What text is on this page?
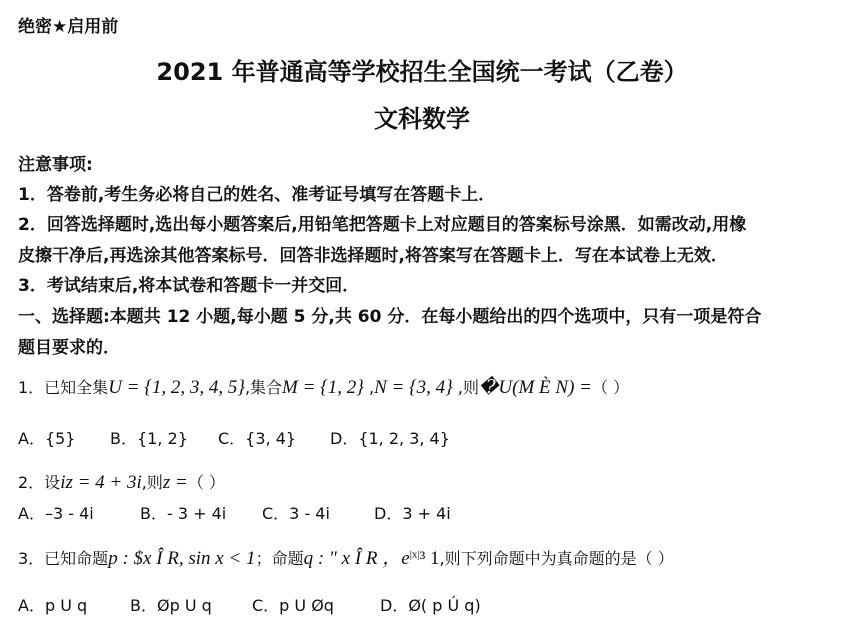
绝密★启用前
2021 年普通高等学校招生全国统一考试（乙卷）
文科数学
注意事项:
1．答卷前,考生务必将自己的姓名、准考证号填写在答题卡上．
2．回答选择题时,选出每小题答案后,用铅笔把答题卡上对应题目的答案标号涂黑．如需改动,用橡
皮擦干净后,再选涂其他答案标号．回答非选择题时,将答案写在答题卡上．写在本试卷上无效．
3．考试结束后,将本试卷和答题卡一并交回．
一、选择题:本题共 12 小题,每小题 5 分,共 60 分．在每小题给出的四个选项中，只有一项是符合
题目要求的．
1．已知全集U = {1, 2, 3, 4, 5},集合M = {1, 2} ,N = {3, 4} ,则�U(M È N) =（ ）
A．{5} B．{1, 2} C．{3, 4} D．{1, 2, 3, 4}
2．设iz = 4 + 3i,则z =（ ）
A．–3 - 4i	B．- 3 + 4i C．3 - 4i	D．3 + 4i
3．已知命题p : $x Î R, sin x < 1；命题q : " x Î R ，$e^{|x|}^3$ 1,则下列命题中为真命题的是（ ）
A．p U q	B．Øp U q	C．p U Øq	D．Ø( p Ú q)
